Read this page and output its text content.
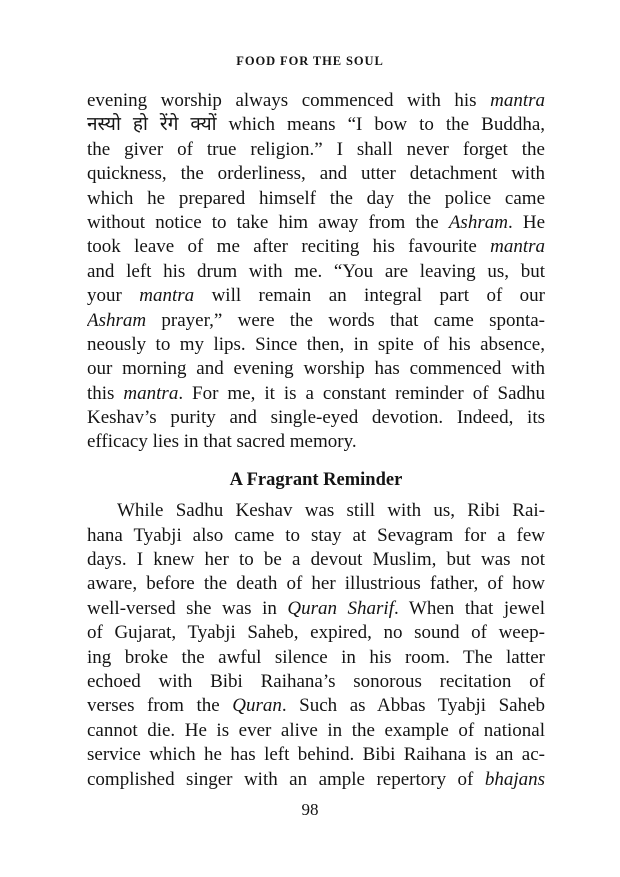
FOOD FOR THE SOUL
evening worship always commenced with his mantra
नस्यो हो रेंगे क्यों which means “I bow to the Buddha,
the giver of true religion.” I shall never forget the
quickness, the orderliness, and utter detachment with
which he prepared himself the day the police came
without notice to take him away from the Ashram. He
took leave of me after reciting his favourite mantra
and left his drum with me. “You are leaving us, but
your mantra will remain an integral part of our
Ashram prayer,” were the words that came sponta-
neously to my lips. Since then, in spite of his absence,
our morning and evening worship has commenced with
this mantra. For me, it is a constant reminder of Sadhu
Keshav’s purity and single-eyed devotion. Indeed, its
efficacy lies in that sacred memory.
A Fragrant Reminder
While Sadhu Keshav was still with us, Ribi Rai-
hana Tyabji also came to stay at Sevagram for a few
days. I knew her to be a devout Muslim, but was not
aware, before the death of her illustrious father, of how
well-versed she was in Quran Sharif. When that jewel
of Gujarat, Tyabji Saheb, expired, no sound of weep-
ing broke the awful silence in his room. The latter
echoed with Bibi Raihana’s sonorous recitation of
verses from the Quran. Such as Abbas Tyabji Saheb
cannot die. He is ever alive in the example of national
service which he has left behind. Bibi Raihana is an ac-
complished singer with an ample repertory of bhajans
98
